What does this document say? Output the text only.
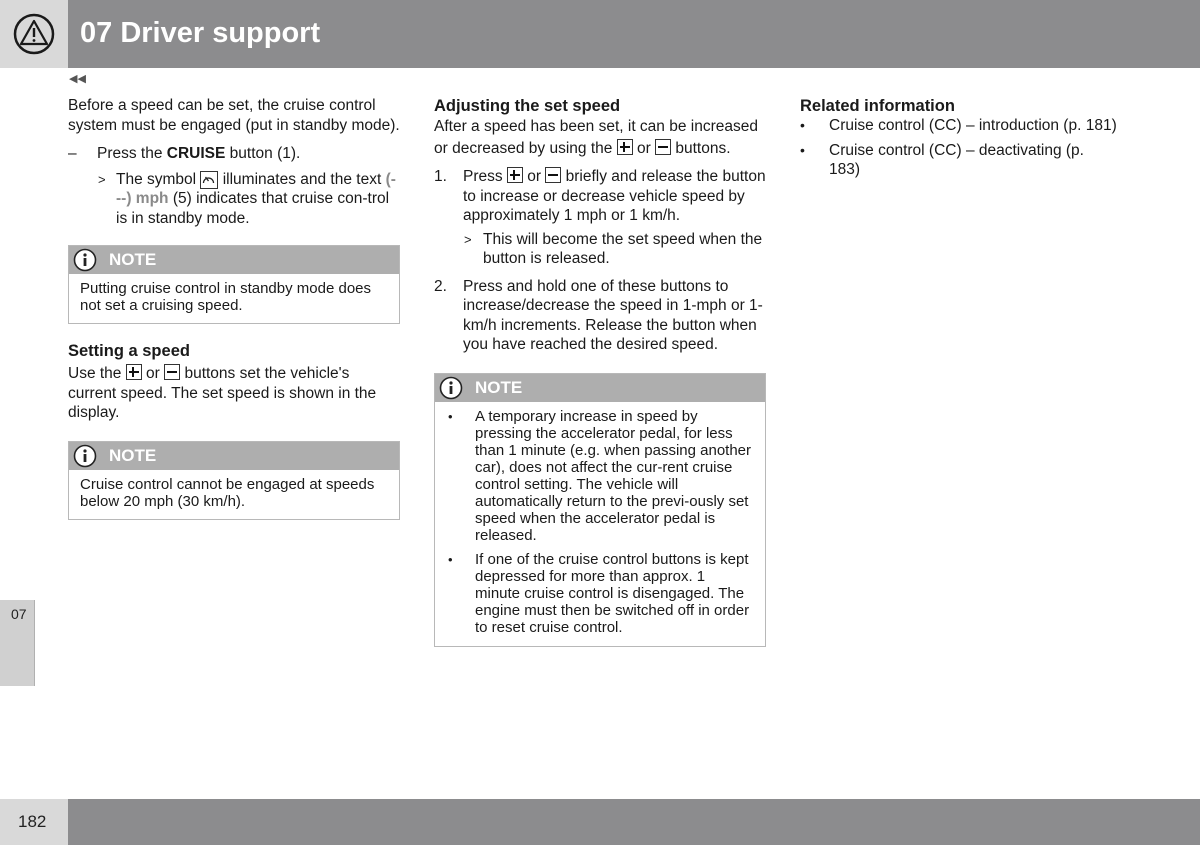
07 Driver support
◀◀

Before a speed can be set, the cruise control system must be engaged (put in standby mode).

– Press the CRUISE button (1).
> The symbol  illuminates and the text (---) mph (5) indicates that cruise con-trol is in standby mode.
NOTE
Putting cruise control in standby mode does not set a cruising speed.

Setting a speed

Use the
or
buttons set the vehicle's current speed. The set speed is shown in the display.

NOTE
Cruise control cannot be engaged at speeds below 20 mph (30 km/h).

Adjusting the set speed

After a speed has been set, it can be increased or decreased by using the
or
buttons.

1. Press
or
briefly and release the button to increase or decrease vehicle speed by approximately 1 mph or 1 km/h.
> This will become the set speed when the button is released.
2. Press and hold one of these buttons to increase/decrease the speed in 1-mph or 1-km/h increments. Release the button when you have reached the desired speed.
NOTE
• A temporary increase in speed by pressing the accelerator pedal, for less than 1 minute (e.g. when passing another car), does not affect the cur-rent cruise control setting. The vehicle will automatically return to the previ-ously set speed when the accelerator pedal is released.
• If one of the cruise control buttons is kept depressed for more than approx. 1 minute cruise control is disengaged. The engine must then be switched off in order to reset cruise control.

Related information

• Cruise control (CC) – introduction (p. 181)
• Cruise control (CC) – deactivating (p. 183)
07
182
